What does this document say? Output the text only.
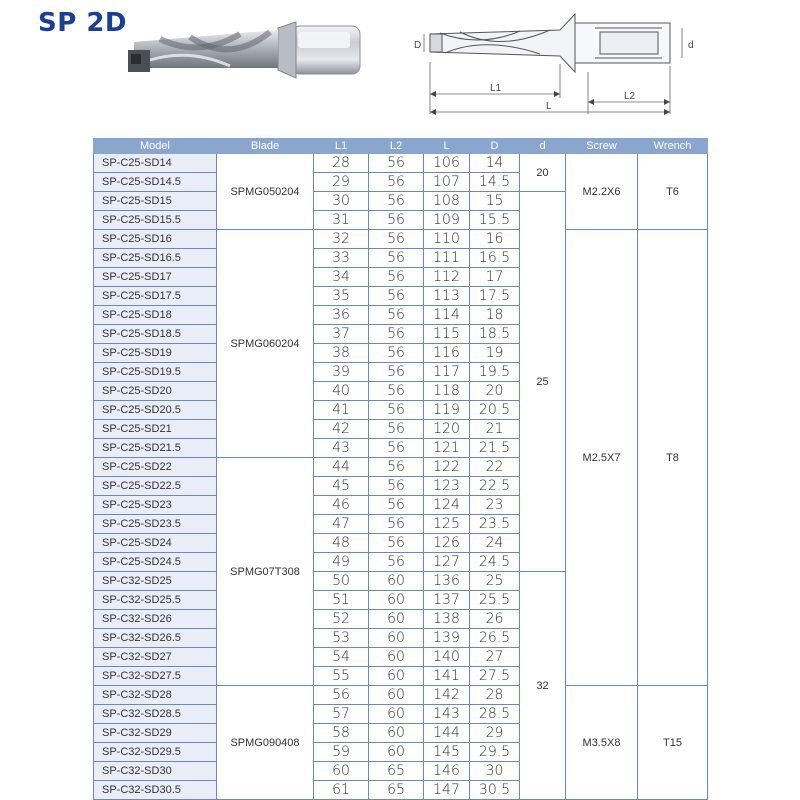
SP 2D
D	d
L1
L2
L
Model	Blade	L1	L2	L	D	d	Screw	Wrench
SP-C25-SD14	SPMG050204	28	56	106	14	20	M2.2X6	T6
SP-C25-SD14.5		29	56	107	14.5			
SP-C25-SD15		30	56	108	15	25		
SP-C25-SD15.5		31	56	109	15.5			
SP-C25-SD16	SPMG060204	32	56	110	16		M2.5X7	T8
SP-C25-SD16.5		33	56	111	16.5			
SP-C25-SD17		34	56	112	17			
SP-C25-SD17.5		35	56	113	17.5			
SP-C25-SD18		36	56	114	18			
SP-C25-SD18.5		37	56	115	18.5			
SP-C25-SD19		38	56	116	19			
SP-C25-SD19.5		39	56	117	19.5			
SP-C25-SD20		40	56	118	20			
SP-C25-SD20.5		41	56	119	20.5			
SP-C25-SD21		42	56	120	21			
SP-C25-SD21.5		43	56	121	21.5			
SP-C25-SD22	SPMG07T308	44	56	122	22			
SP-C25-SD22.5		45	56	123	22.5			
SP-C25-SD23		46	56	124	23			
SP-C25-SD23.5		47	56	125	23.5			
SP-C25-SD24		48	56	126	24			
SP-C25-SD24.5		49	56	127	24.5			
SP-C32-SD25		50	60	136	25	32		
SP-C32-SD25.5		51	60	137	25.5			
SP-C32-SD26		52	60	138	26			
SP-C32-SD26.5		53	60	139	26.5			
SP-C32-SD27		54	60	140	27			
SP-C32-SD27.5		55	60	141	27.5			
SP-C32-SD28	SPMG090408	56	60	142	28		M3.5X8	T15
SP-C32-SD28.5		57	60	143	28.5			
SP-C32-SD29		58	60	144	29			
SP-C32-SD29.5		59	60	145	29.5			
SP-C32-SD30		60	65	146	30			
SP-C32-SD30.5		61	65	147	30.5			
